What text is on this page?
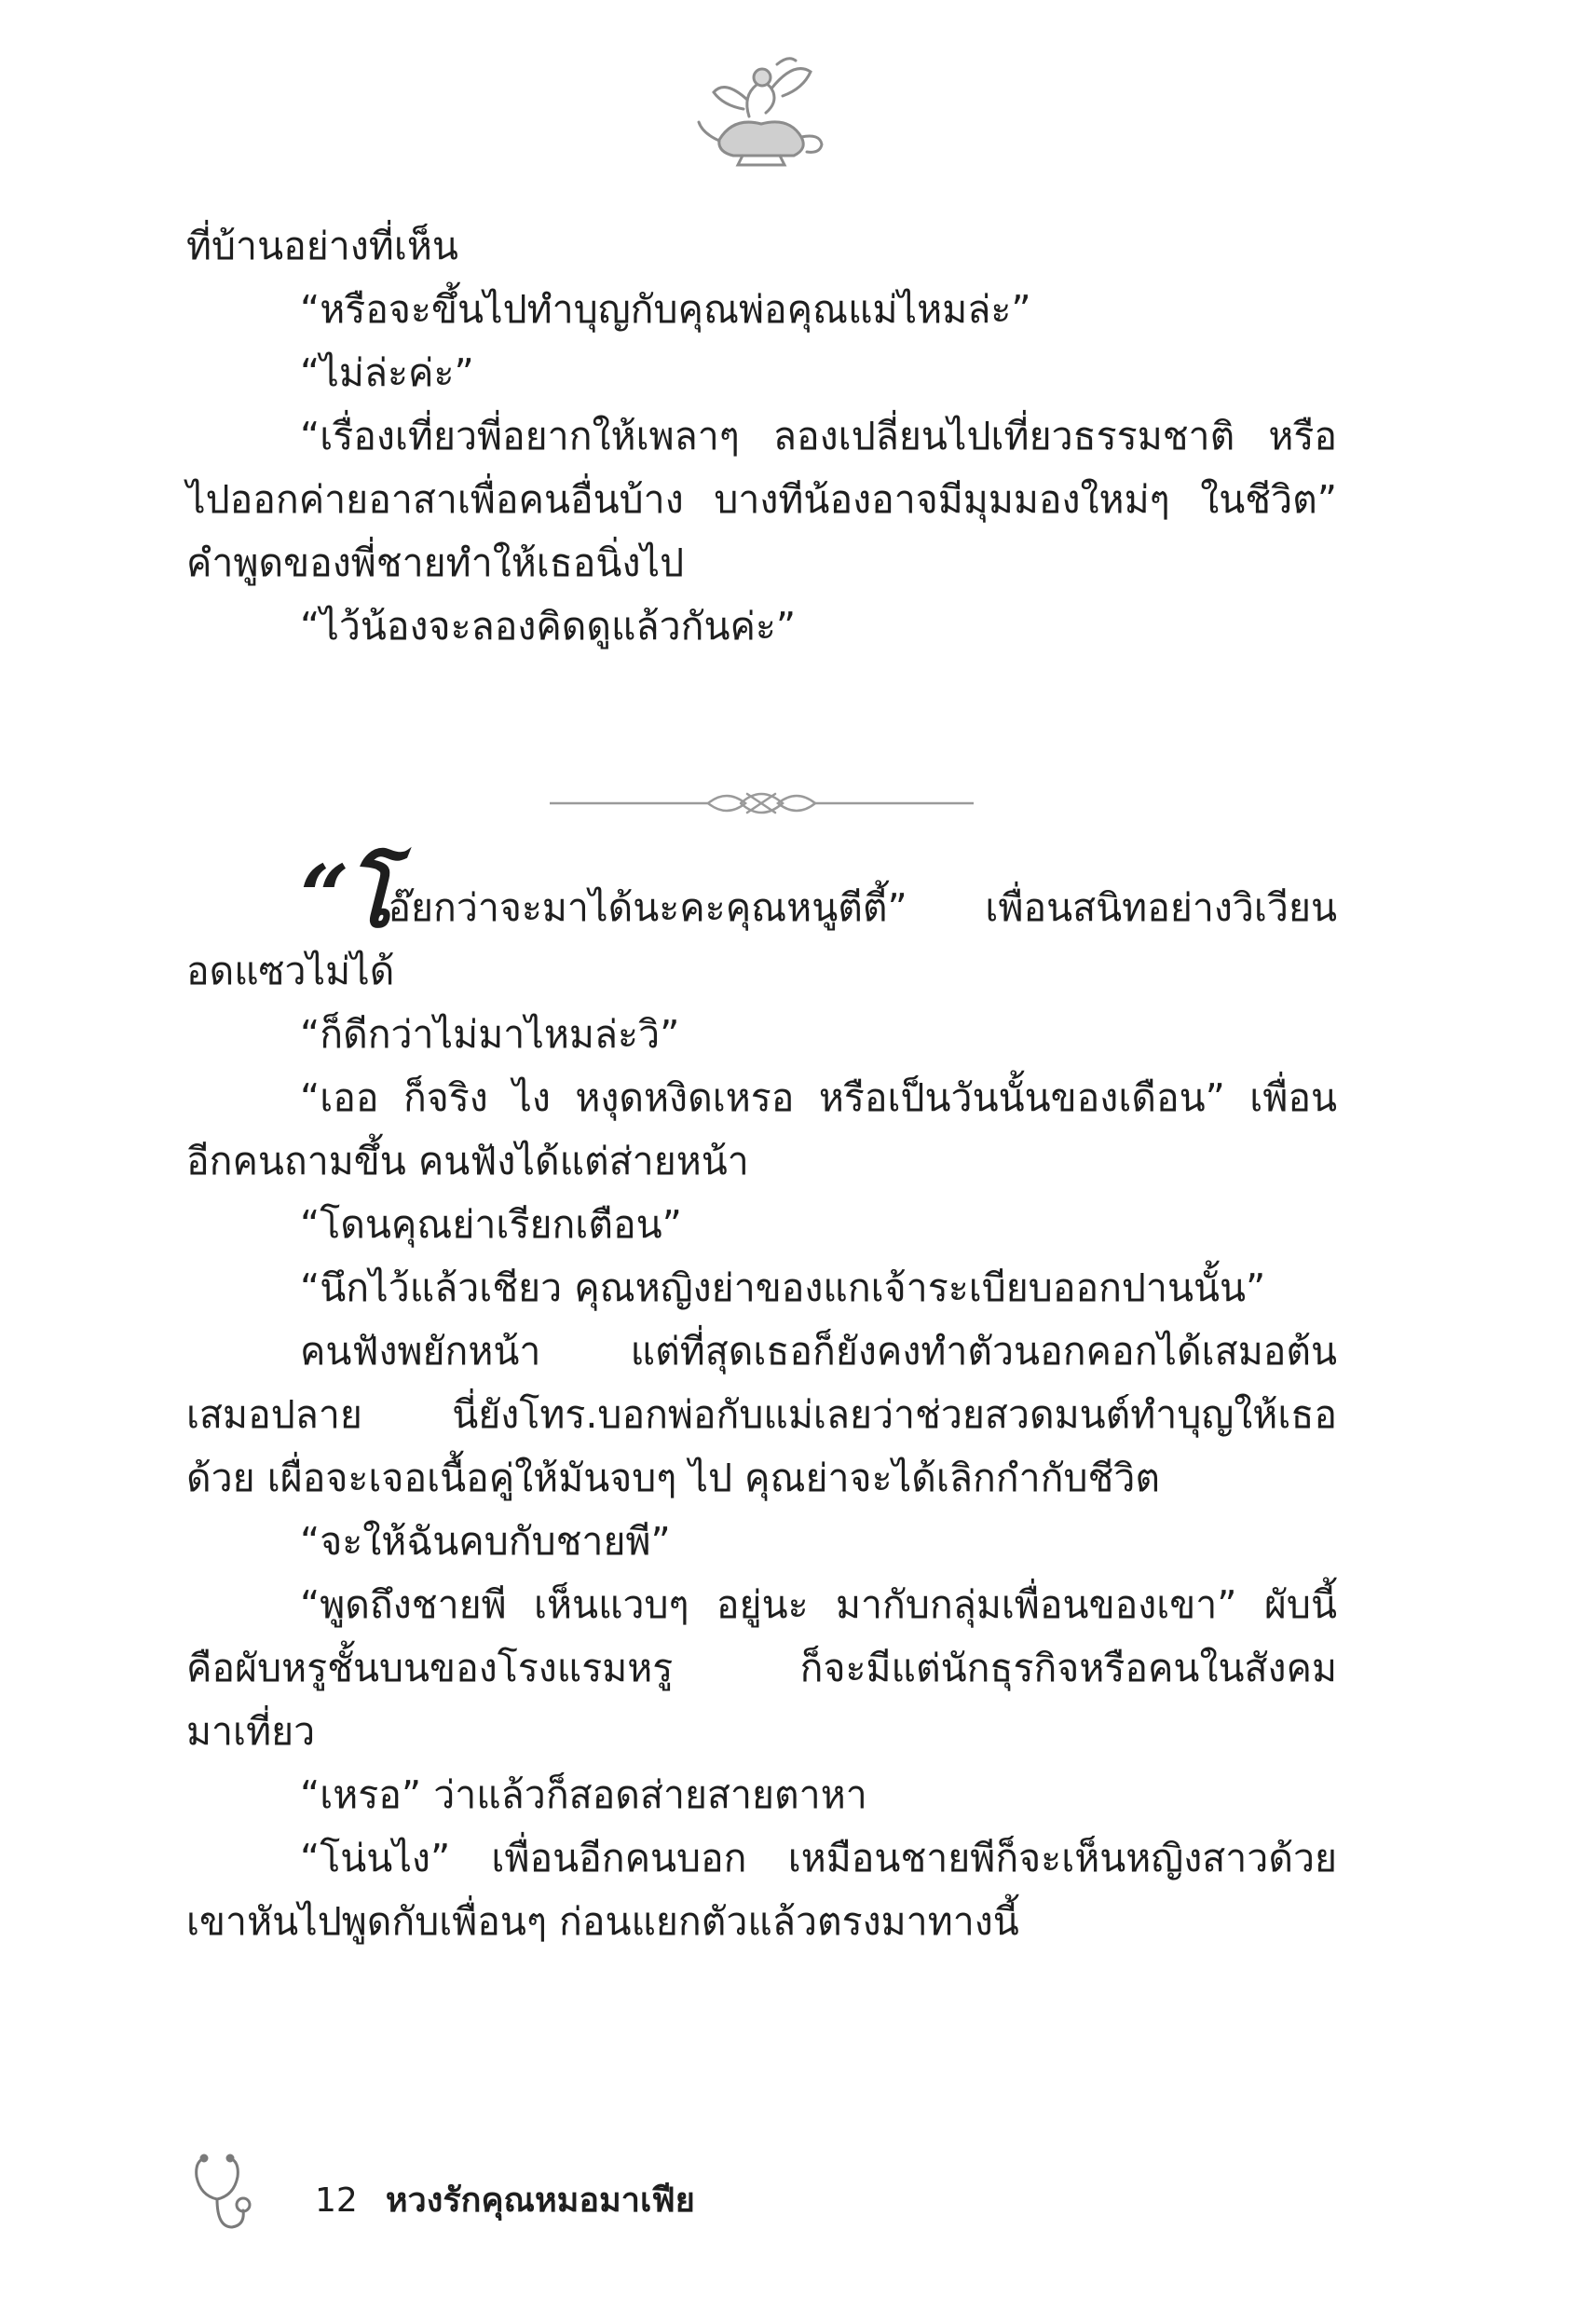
ที่บ้านอย่างที่เห็น
“หรือจะขึ้นไปทำบุญกับคุณพ่อคุณแม่ไหมล่ะ”
“ไม่ล่ะค่ะ”
“เรื่องเที่ยวพี่อยากให้เพลาๆ ลองเปลี่ยนไปเที่ยวธรรมชาติ หรือ
ไปออกค่ายอาสาเพื่อคนอื่นบ้าง บางทีน้องอาจมีมุมมองใหม่ๆ ในชีวิต”
คำพูดของพี่ชายทำให้เธอนิ่งไป
“ไว้น้องจะลองคิดดูแล้วกันค่ะ”
“โอ๊ยกว่าจะมาได้นะคะคุณหนูตีตี้” เพื่อนสนิทอย่างวิเวียน
อดแซวไม่ได้
“ก็ดีกว่าไม่มาไหมล่ะวิ”
“เออ ก็จริง ไง หงุดหงิดเหรอ หรือเป็นวันนั้นของเดือน” เพื่อน
อีกคนถามขึ้น คนฟังได้แต่ส่ายหน้า
“โดนคุณย่าเรียกเตือน”
“นึกไว้แล้วเชียว คุณหญิงย่าของแกเจ้าระเบียบออกปานนั้น”
คนฟังพยักหน้า แต่ที่สุดเธอก็ยังคงทำตัวนอกคอกได้เสมอต้น
เสมอปลาย นี่ยังโทร.บอกพ่อกับแม่เลยว่าช่วยสวดมนต์ทำบุญให้เธอ
ด้วย เผื่อจะเจอเนื้อคู่ให้มันจบๆ ไป คุณย่าจะได้เลิกกำกับชีวิต
“จะให้ฉันคบกับชายพี”
“พูดถึงชายพี เห็นแวบๆ อยู่นะ มากับกลุ่มเพื่อนของเขา” ผับนี้
คือผับหรูชั้นบนของโรงแรมหรู ก็จะมีแต่นักธุรกิจหรือคนในสังคม
มาเที่ยว
“เหรอ” ว่าแล้วก็สอดส่ายสายตาหา
“โน่นไง” เพื่อนอีกคนบอก เหมือนชายพีก็จะเห็นหญิงสาวด้วย
เขาหันไปพูดกับเพื่อนๆ ก่อนแยกตัวแล้วตรงมาทางนี้
12 หวงรักคุณหมอมาเฟีย
